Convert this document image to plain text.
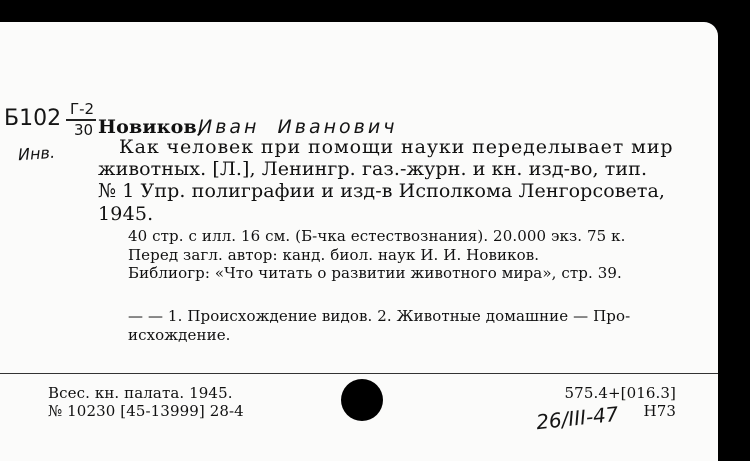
Б102 Г-2
30
Инв.
Новиков,
Иван  Иванович
Как человек при помощи науки переделывает мир
животных. [Л.], Ленингр. газ.-журн. и кн. изд-во, тип.
№ 1 Упр. полиграфии и изд-в Исполкома Ленгорсовета,
1945.
40 стр. с илл. 16 см. (Б-чка естествознания). 20.000 экз. 75 к.
Перед загл. автор: канд. биол. наук И. И. Новиков.
Библиогр: «Что читать о развитии животного мира», стр. 39.
— — 1. Происхождение видов. 2. Животные домашние — Про-
исхождение.
Всес. кн. палата. 1945.
№ 10230 [45-13999] 28-4
575.4+[016.3]
Н73
26/III-47
